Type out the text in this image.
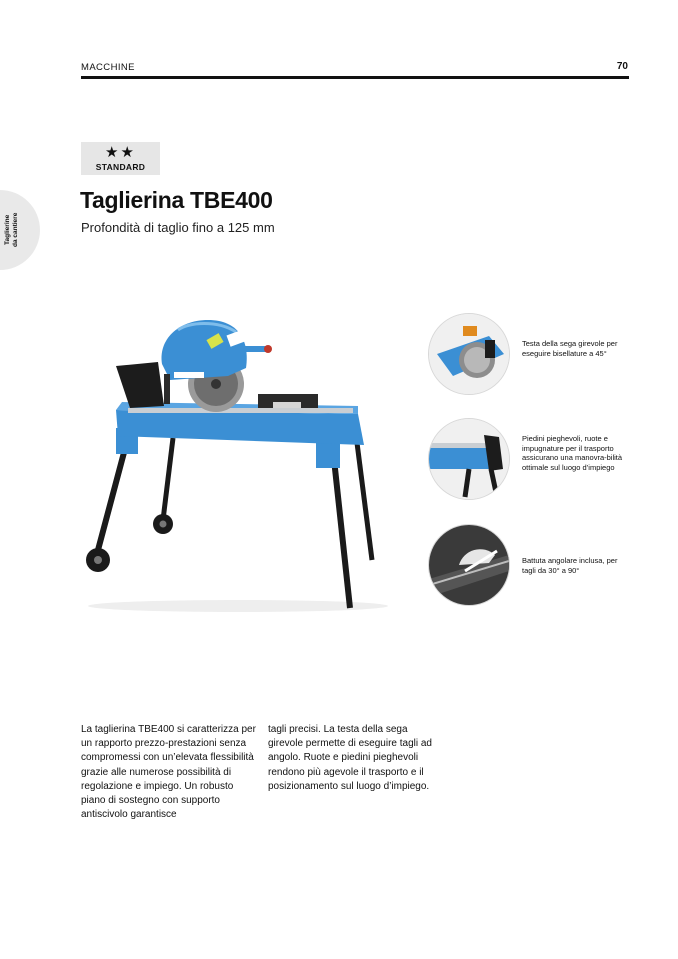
MACCHINE	70
Taglierine
da cantiere
★★
STANDARD
Taglierina TBE400
Profondità di taglio fino a 125 mm
Testa della sega girevole per eseguire bisellature a 45°
Piedini pieghevoli, ruote e impugnature per il trasporto assicurano una manovra-bilità ottimale sul luogo d’impiego
Battuta angolare inclusa, per tagli da 30° a 90°
La taglierina TBE400 si caratterizza per un rapporto prezzo-prestazioni senza compromessi con un’elevata flessibilità grazie alle numerose possibilità di regolazione e impiego. Un robusto piano di sostegno con supporto antiscivolo garantisce
tagli precisi. La testa della sega girevole permette di eseguire tagli ad angolo. Ruote e piedini pieghevoli rendono più agevole il trasporto e il posizionamento sul luogo d’impiego.
